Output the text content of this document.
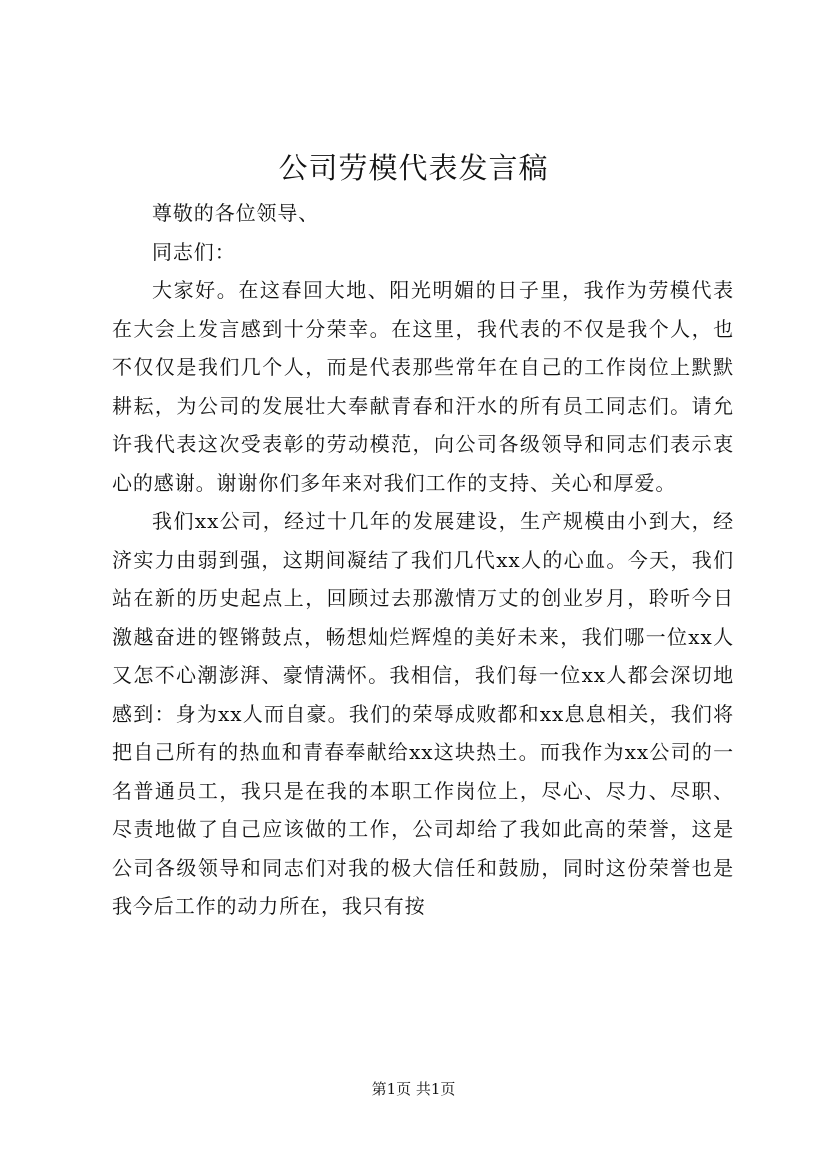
公司劳模代表发言稿

尊敬的各位领导、

同志们：

大家好。在这春回大地、阳光明媚的日子里，我作为劳模代表在大会上发言感到十分荣幸。在这里，我代表的不仅是我个人，也不仅仅是我们几个人，而是代表那些常年在自己的工作岗位上默默耕耘，为公司的发展壮大奉献青春和汗水的所有员工同志们。请允许我代表这次受表彰的劳动模范，向公司各级领导和同志们表示衷心的感谢。谢谢你们多年来对我们工作的支持、关心和厚爱。

我们xx公司，经过十几年的发展建设，生产规模由小到大，经济实力由弱到强，这期间凝结了我们几代xx人的心血。今天，我们站在新的历史起点上，回顾过去那激情万丈的创业岁月，聆听今日激越奋进的铿锵鼓点，畅想灿烂辉煌的美好未来，我们哪一位xx人又怎不心潮澎湃、豪情满怀。我相信，我们每一位xx人都会深切地感到：身为xx人而自豪。我们的荣辱成败都和xx息息相关，我们将把自己所有的热血和青春奉献给xx这块热土。而我作为xx公司的一名普通员工，我只是在我的本职工作岗位上，尽心、尽力、尽职、尽责地做了自己应该做的工作，公司却给了我如此高的荣誉，这是公司各级领导和同志们对我的极大信任和鼓励，同时这份荣誉也是我今后工作的动力所在，我只有按

第1页 共1页
